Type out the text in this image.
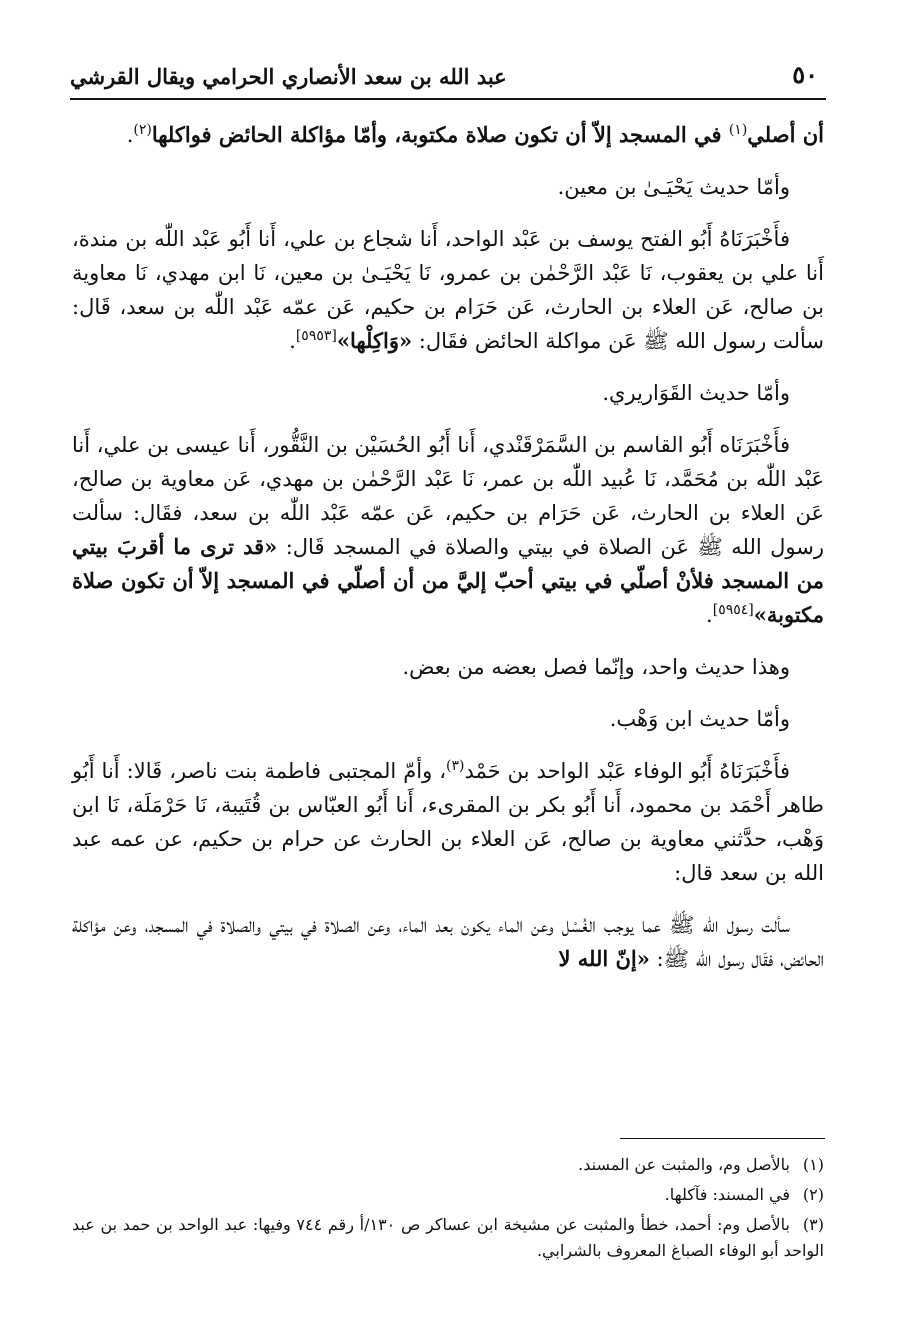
٥٠
عبد الله بن سعد الأنصاري الحرامي ويقال القرشي

أن أصلي$^{(١)}$ في المسجد إلاّ أن تكون صلاة مكتوبة، وأمّا مؤاكلة الحائض فواكلها$^{(٢)}$.

وأمّا حديث يَحْيَـىٰ بن معين.

فأَخْبَرَنَاهُ أَبُو الفتح يوسف بن عَبْد الواحد، أَنا شجاع بن علي، أَنا أَبُو عَبْد اللّٰه بن مندة، أَنا علي بن يعقوب، نَا عَبْد الرَّحْمٰن بن عمرو، نَا يَحْيَـىٰ بن معين، نَا ابن مهدي، نَا معاوية بن صالح، عَن العلاء بن الحارث، عَن حَرَام بن حكيم، عَن عمّه عَبْد اللّٰه بن سعد، قَال: سألت رسول الله ﷺ عَن مواكلة الحائض فقَال: «وَاكِلْها»[٥٩٥٣].

وأمّا حديث القَوَاريري.

فأَخْبَرَنَاه أَبُو القاسم بن السَّمَرْقَنْدي، أَنا أَبُو الحُسَيْن بن النَّقُّور، أَنا عيسى بن علي، أَنا عَبْد اللّٰه بن مُحَمَّد، نَا عُبيد اللّٰه بن عمر، نَا عَبْد الرَّحْمٰن بن مهدي، عَن معاوية بن صالح، عَن العلاء بن الحارث، عَن حَرَام بن حكيم، عَن عمّه عَبْد اللّٰه بن سعد، فقَال: سألت رسول الله ﷺ عَن الصلاة في بيتي والصلاة في المسجد قَال: «قد ترى ما أقربَ بيتي من المسجد فلأنْ أصلّي في بيتي أحبّ إليَّ من أن أصلّي في المسجد إلاّ أن تكون صلاة مكتوبة»[٥٩٥٤].

وهذا حديث واحد، وإنّما فصل بعضه من بعض.

وأمّا حديث ابن وَهْب.

فأَخْبَرَنَاهُ أَبُو الوفاء عَبْد الواحد بن حَمْد$^{(٣)}$، وأمّ المجتبى فاطمة بنت ناصر، قَالا: أَنا أَبُو طاهر أَحْمَد بن محمود، أَنا أَبُو بكر بن المقرىء، أَنا أَبُو العبّاس بن قُتَيبة، نَا حَرْمَلَة، نَا ابن وَهْب، حدَّثني معاوية بن صالح، عَن العلاء بن الحارث عن حرام بن حكيم، عن عمه عبد الله بن سعد قال:

سألت رسول الله ﷺ عما يوجب الغُسْل وعن الماء يكون بعد الماء، وعن الصلاة في بيتي والصلاة في المسجد، وعن مؤاكلة الحائض، فقَال رسول الله ﷺ: «إنّ الله لا

(١)بالأصل وم، والمثبت عن المسند.

(٢)في المسند: فآكلها.

(٣)بالأصل وم: أحمد، خطأ والمثبت عن مشيخة ابن عساكر ص ١٣٠/أ رقم ٧٤٤ وفيها: عبد الواحد بن حمد بن عبد الواحد أبو الوفاء الصباغ المعروف بالشرابي.
